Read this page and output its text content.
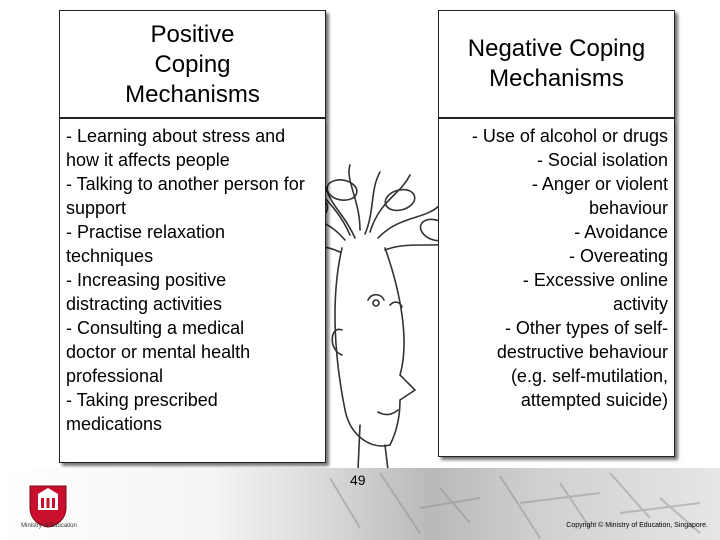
Positive
Coping
Mechanisms
Negative Coping
Mechanisms

- Learning about stress and how it affects people

- Talking to another person for support

- Practise relaxation techniques

- Increasing positive distracting activities

- Consulting a medical doctor or mental health professional

- Taking prescribed medications

- Use of alcohol or drugs

- Social isolation

- Anger or violent behaviour

- Avoidance

- Overeating

- Excessive online activity

- Other types of self-destructive behaviour (e.g. self-mutilation, attempted suicide)

Ministry of Education
49
Copyright © Ministry of Education, Singapore.
